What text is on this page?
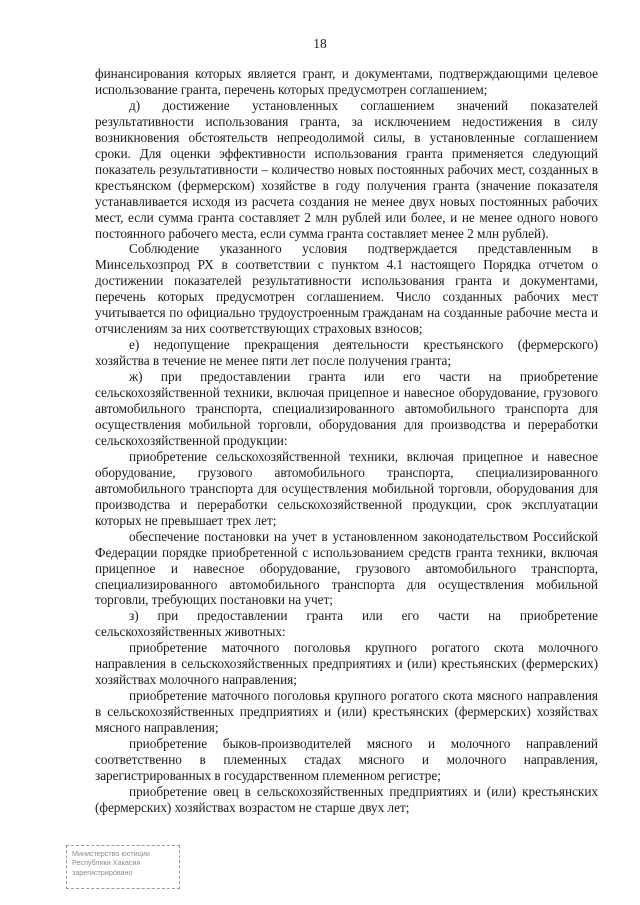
18

финансирования которых является грант, и документами, подтверждающими целевое использование гранта, перечень которых предусмотрен соглашением;

д) достижение установленных соглашением значений показателей результативности использования гранта, за исключением недостижения в силу возникновения обстоятельств непреодолимой силы, в установленные соглашением сроки. Для оценки эффективности использования гранта применяется следующий показатель результативности – количество новых постоянных рабочих мест, созданных в крестьянском (фермерском) хозяйстве в году получения гранта (значение показателя устанавливается исходя из расчета создания не менее двух новых постоянных рабочих мест, если сумма гранта составляет 2 млн рублей или более, и не менее одного нового постоянного рабочего места, если сумма гранта составляет менее 2 млн рублей).

Соблюдение указанного условия подтверждается представленным в Минсельхозпрод РХ в соответствии с пунктом 4.1 настоящего Порядка отчетом о достижении показателей результативности использования гранта и документами, перечень которых предусмотрен соглашением. Число созданных рабочих мест учитывается по официально трудоустроенным гражданам на созданные рабочие места и отчислениям за них соответствующих страховых взносов;

е) недопущение прекращения деятельности крестьянского (фермерского) хозяйства в течение не менее пяти лет после получения гранта;

ж) при предоставлении гранта или его части на приобретение сельскохозяйственной техники, включая прицепное и навесное оборудование, грузового автомобильного транспорта, специализированного автомобильного транспорта для осуществления мобильной торговли, оборудования для производства и переработки сельскохозяйственной продукции:

приобретение сельскохозяйственной техники, включая прицепное и навесное оборудование, грузового автомобильного транспорта, специализированного автомобильного транспорта для осуществления мобильной торговли, оборудования для производства и переработки сельскохозяйственной продукции, срок эксплуатации которых не превышает трех лет;

обеспечение постановки на учет в установленном законодательством Российской Федерации порядке приобретенной с использованием средств гранта техники, включая прицепное и навесное оборудование, грузового автомобильного транспорта, специализированного автомобильного транспорта для осуществления мобильной торговли, требующих постановки на учет;

з) при предоставлении гранта или его части на приобретение сельскохозяйственных животных:

приобретение маточного поголовья крупного рогатого скота молочного направления в сельскохозяйственных предприятиях и (или) крестьянских (фермерских) хозяйствах молочного направления;

приобретение маточного поголовья крупного рогатого скота мясного направления в сельскохозяйственных предприятиях и (или) крестьянских (фермерских) хозяйствах мясного направления;

приобретение быков-производителей мясного и молочного направлений соответственно в племенных стадах мясного и молочного направления, зарегистрированных в государственном племенном регистре;

приобретение овец в сельскохозяйственных предприятиях и (или) крестьянских (фермерских) хозяйствах возрастом не старше двух лет;

Министерство юстиции
Республики Хакасия
зарегистрировано
